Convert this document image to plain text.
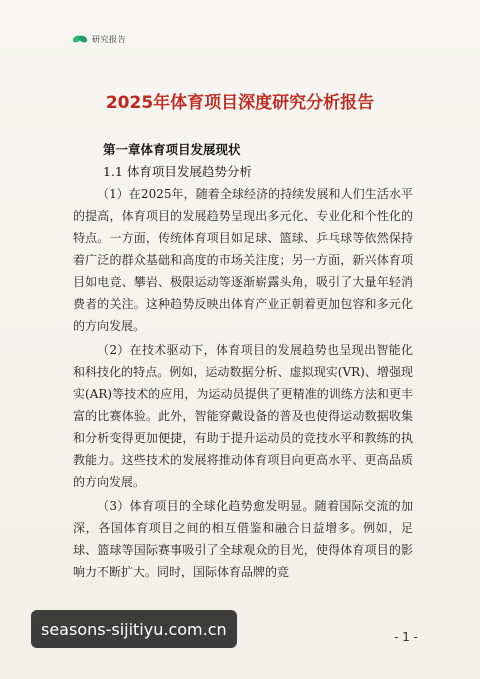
研究报告
2025年体育项目深度研究分析报告
第一章体育项目发展现状
1.1 体育项目发展趋势分析

（1）在2025年，随着全球经济的持续发展和人们生活水平的提高，体育项目的发展趋势呈现出多元化、专业化和个性化的特点。一方面，传统体育项目如足球、篮球、乒乓球等依然保持着广泛的群众基础和高度的市场关注度；另一方面，新兴体育项目如电竞、攀岩、极限运动等逐渐崭露头角，吸引了大量年轻消费者的关注。这种趋势反映出体育产业正朝着更加包容和多元化的方向发展。

（2）在技术驱动下，体育项目的发展趋势也呈现出智能化和科技化的特点。例如，运动数据分析、虚拟现实(VR)、增强现实(AR)等技术的应用，为运动员提供了更精准的训练方法和更丰富的比赛体验。此外，智能穿戴设备的普及也使得运动数据收集和分析变得更加便捷，有助于提升运动员的竞技水平和教练的执教能力。这些技术的发展将推动体育项目向更高水平、更高品质的方向发展。

（3）体育项目的全球化趋势愈发明显。随着国际交流的加深，各国体育项目之间的相互借鉴和融合日益增多。例如，足球、篮球等国际赛事吸引了全球观众的目光，使得体育项目的影响力不断扩大。同时，国际体育品牌的竞

- 1 -
seasons-sijitiyu.com.cn
